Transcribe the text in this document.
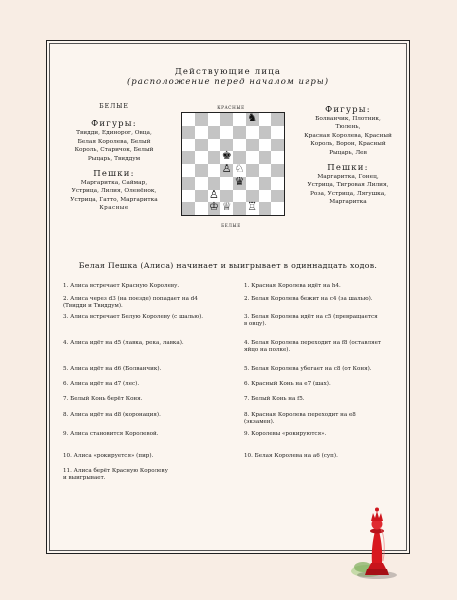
Действующие лица
(расположение перед началом игры)
БЕЛЫЕ
Фигуры:
Твидди, Единорог, Овца,
Белая Королева, Белый
Король, Старичок, Белый
Рыцарь, Твиддум
Пешки:
Маргаритка, Саймар,
Устрица, Лилия, Оленёнок,
Устрица, Гатто, Маргаритка
Красные
КРАСНЫЕ
♞
♚
♘
♙
♛
♙
♔ ♕ ♖
БЕЛЫЕ
Фигуры:
Болванчик, Плотник,
Тюлень,
Красная Королева, Красный
Король, Ворон, Красный
Рыцарь, Лев
Пешки:
Маргаритка, Гонец,
Устрица, Тигровая Лилия,
Роза, Устрица, Лягушка,
Маргаритка
Белая Пешка (Алиса) начинает и выигрывает в одиннадцать ходов.
1. Алиса встречает Красную Королеву.
2. Алиса через d3 (на поезде) попадает на d4
(Твидди и Твиддум).
3. Алиса встречает Белую Королеву (с шалью).
4. Алиса идёт на d5 (лавка, река, лавка).
5. Алиса идёт на d6 (Болванчик).
6. Алиса идёт на d7 (лес).
7. Белый Конь берёт Коня.
8. Алиса идёт на d8 (коронация).
9. Алиса становится Королевой.
10. Алиса «рокируется» (пир).
11. Алиса берёт Красную Королеву
и выигрывает.
1. Красная Королева идёт на h4.
2. Белая Королева бежит на c4 (за шалью).
3. Белая Королева идёт на c5 (превращается
в овцу).
4. Белая Королева переходит на f8 (оставляет
яйцо на полке).
5. Белая Королева убегает на c8 (от Коня).
6. Красный Конь на e7 (шах).
7. Белый Конь на f5.
8. Красная Королева переходит на e8
(экзамен).
9. Королевы «рокируются».
10. Белая Королева на a6 (суп).
